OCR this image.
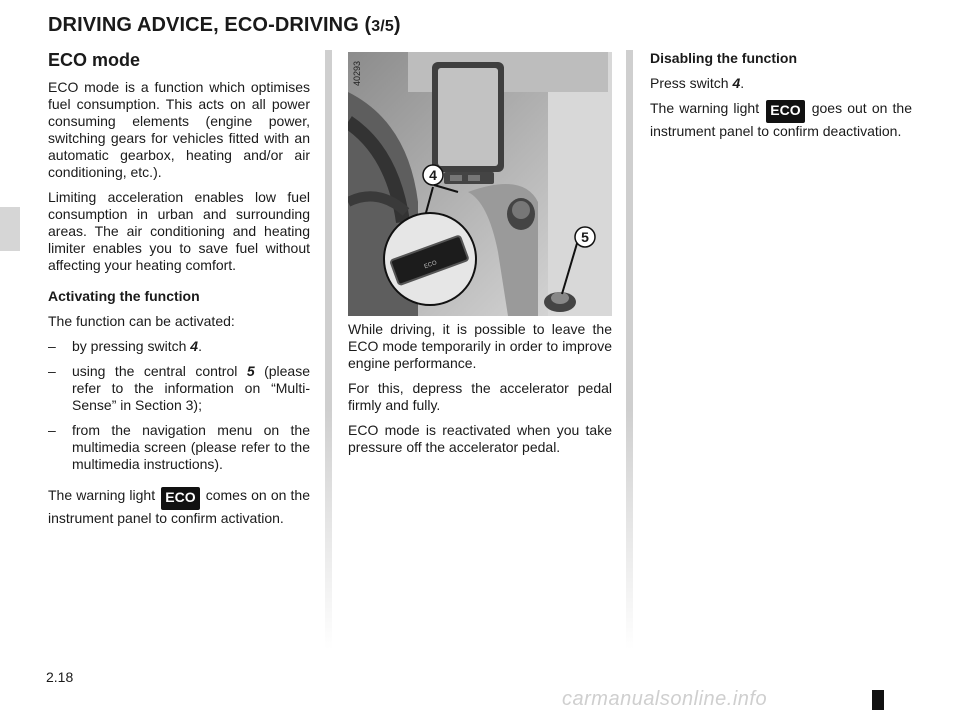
DRIVING ADVICE, ECO-DRIVING (3/5)

ECO mode

ECO mode is a function which optimises fuel consumption. This acts on all power consuming elements (engine power, switching gears for vehicles fitted with an automatic gearbox, heating and/or air conditioning, etc.).

Limiting acceleration enables low fuel consumption in urban and surrounding areas. The air conditioning and heating limiter enables you to save fuel without affecting your heating comfort.

Activating the function

The function can be activated:

–	by pressing switch 4.

–	using the central control 5 (please refer to the information on “Multi-Sense” in Section 3);

–	from the navigation menu on the multimedia screen (please refer to the multimedia instructions).

The warning light ECO comes on on the instrument panel to confirm activation.

ECO
40293
4
5

While driving, it is possible to leave the ECO mode temporarily in order to improve engine performance.

For this, depress the accelerator pedal firmly and fully.

ECO mode is reactivated when you take pressure off the accelerator pedal.

Disabling the function

Press switch 4.

The warning light ECO goes out on the instrument panel to confirm deactivation.

2.18
carmanualsonline.info
